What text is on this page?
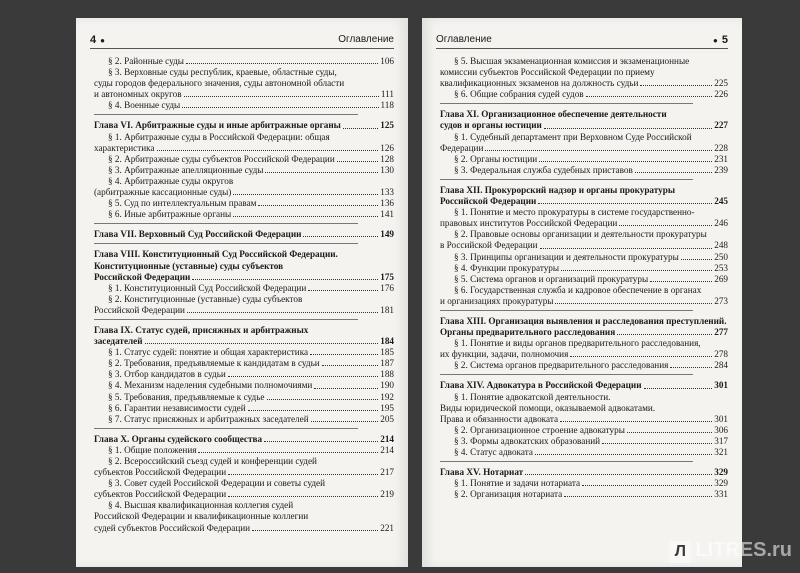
4 ●	Оглавление
§ 2. Районные суды	106
§ 3. Верховные суды республик, краевые, областные суды,
суды городов федерального значения, суды автономной области
и автономных округов	111
§ 4. Военные суды	118
Глава VI. Арбитражные суды и иные арбитражные органы	125
§ 1. Арбитражные суды в Российской Федерации: общая
характеристика	126
§ 2. Арбитражные суды субъектов Российской Федерации	128
§ 3. Арбитражные апелляционные суды	130
§ 4. Арбитражные суды округов
(арбитражные кассационные суды)	133
§ 5. Суд по интеллектуальным правам	136
§ 6. Иные арбитражные органы	141
Глава VII. Верховный Суд Российской Федерации	149
Глава VIII. Конституционный Суд Российской Федерации.
Конституционные (уставные) суды субъектов
Российской Федерации	175
§ 1. Конституционный Суд Российской Федерации	176
§ 2. Конституционные (уставные) суды субъектов
Российской Федерации	181
Глава IX. Статус судей, присяжных и арбитражных
заседателей	184
§ 1. Статус судей: понятие и общая характеристика	185
§ 2. Требования, предъявляемые к кандидатам в судьи	187
§ 3. Отбор кандидатов в судьи	188
§ 4. Механизм наделения судебными полномочиями	190
§ 5. Требования, предъявляемые к судье	192
§ 6. Гарантии независимости судей	195
§ 7. Статус присяжных и арбитражных заседателей	205
Глава X. Органы судейского сообщества	214
§ 1. Общие положения	214
§ 2. Всероссийский съезд судей и конференции судей
субъектов Российской Федерации	217
§ 3. Совет судей Российской Федерации и советы судей
субъектов Российской Федерации	219
§ 4. Высшая квалификационная коллегия судей
Российской Федерации и квалификационные коллегии
судей субъектов Российской Федерации	221
Оглавление	● 5
§ 5. Высшая экзаменационная комиссия и экзаменационные
комиссии субъектов Российской Федерации по приему
квалификационных экзаменов на должность судьи	225
§ 6. Общие собрания судей судов	226
Глава XI. Организационное обеспечение деятельности
судов и органы юстиции	227
§ 1. Судебный департамент при Верховном Суде Российской
Федерации	228
§ 2. Органы юстиции	231
§ 3. Федеральная служба судебных приставов	239
Глава XII. Прокурорский надзор и органы прокуратуры
Российской Федерации	245
§ 1. Понятие и место прокуратуры в системе государственно-
правовых институтов Российской Федерации	246
§ 2. Правовые основы организации и деятельности прокуратуры
в Российской Федерации	248
§ 3. Принципы организации и деятельности прокуратуры	250
§ 4. Функции прокуратуры	253
§ 5. Система органов и организаций прокуратуры	269
§ 6. Государственная служба и кадровое обеспечение в органах
и организациях прокуратуры	273
Глава XIII. Организация выявления и расследования преступлений.
Органы предварительного расследования	277
§ 1. Понятие и виды органов предварительного расследования,
их функции, задачи, полномочия	278
§ 2. Система органов предварительного расследования	284
Глава XIV. Адвокатура в Российской Федерации	301
§ 1. Понятие адвокатской деятельности.
Виды юридической помощи, оказываемой адвокатами.
Права и обязанности адвоката	301
§ 2. Организационное строение адвокатуры	306
§ 3. Формы адвокатских образований	317
§ 4. Статус адвоката	321
Глава XV. Нотариат	329
§ 1. Понятие и задачи нотариата	329
§ 2. Организация нотариата	331
Л LITRES.ru
